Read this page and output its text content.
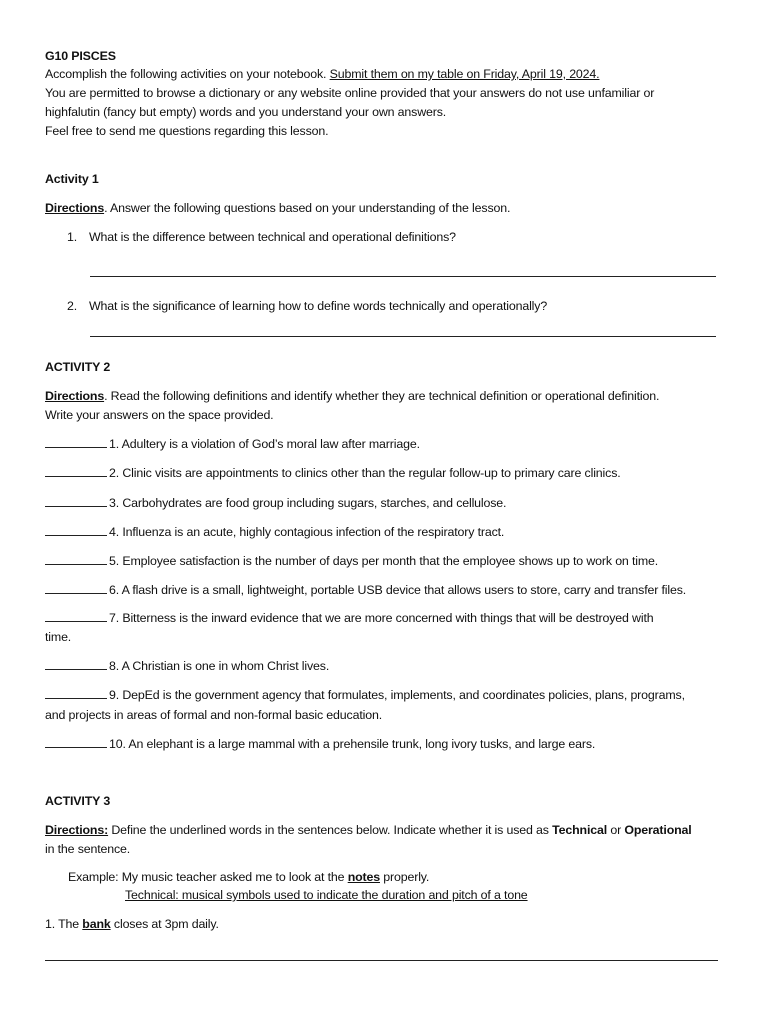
G10 PISCES
Accomplish the following activities on your notebook. Submit them on my table on Friday, April 19, 2024.
You are permitted to browse a dictionary or any website online provided that your answers do not use unfamiliar or
highfalutin (fancy but empty) words and you understand your own answers.
Feel free to send me questions regarding this lesson.
Activity 1
Directions. Answer the following questions based on your understanding of the lesson.
1. What is the difference between technical and operational definitions?
2. What is the significance of learning how to define words technically and operationally?
ACTIVITY 2
Directions. Read the following definitions and identify whether they are technical definition or operational definition.
Write your answers on the space provided.
1. Adultery is a violation of God’s moral law after marriage.
2. Clinic visits are appointments to clinics other than the regular follow-up to primary care clinics.
3. Carbohydrates are food group including sugars, starches, and cellulose.
4. Influenza is an acute, highly contagious infection of the respiratory tract.
5. Employee satisfaction is the number of days per month that the employee shows up to work on time.
6. A flash drive is a small, lightweight, portable USB device that allows users to store, carry and transfer files.
7. Bitterness is the inward evidence that we are more concerned with things that will be destroyed with
time.
8. A Christian is one in whom Christ lives.
9. DepEd is the government agency that formulates, implements, and coordinates policies, plans, programs,
and projects in areas of formal and non-formal basic education.
10. An elephant is a large mammal with a prehensile trunk, long ivory tusks, and large ears.
ACTIVITY 3
Directions: Define the underlined words in the sentences below. Indicate whether it is used as Technical or Operational
in the sentence.
Example: My music teacher asked me to look at the notes properly.
Technical: musical symbols used to indicate the duration and pitch of a tone
1. The bank closes at 3pm daily.
